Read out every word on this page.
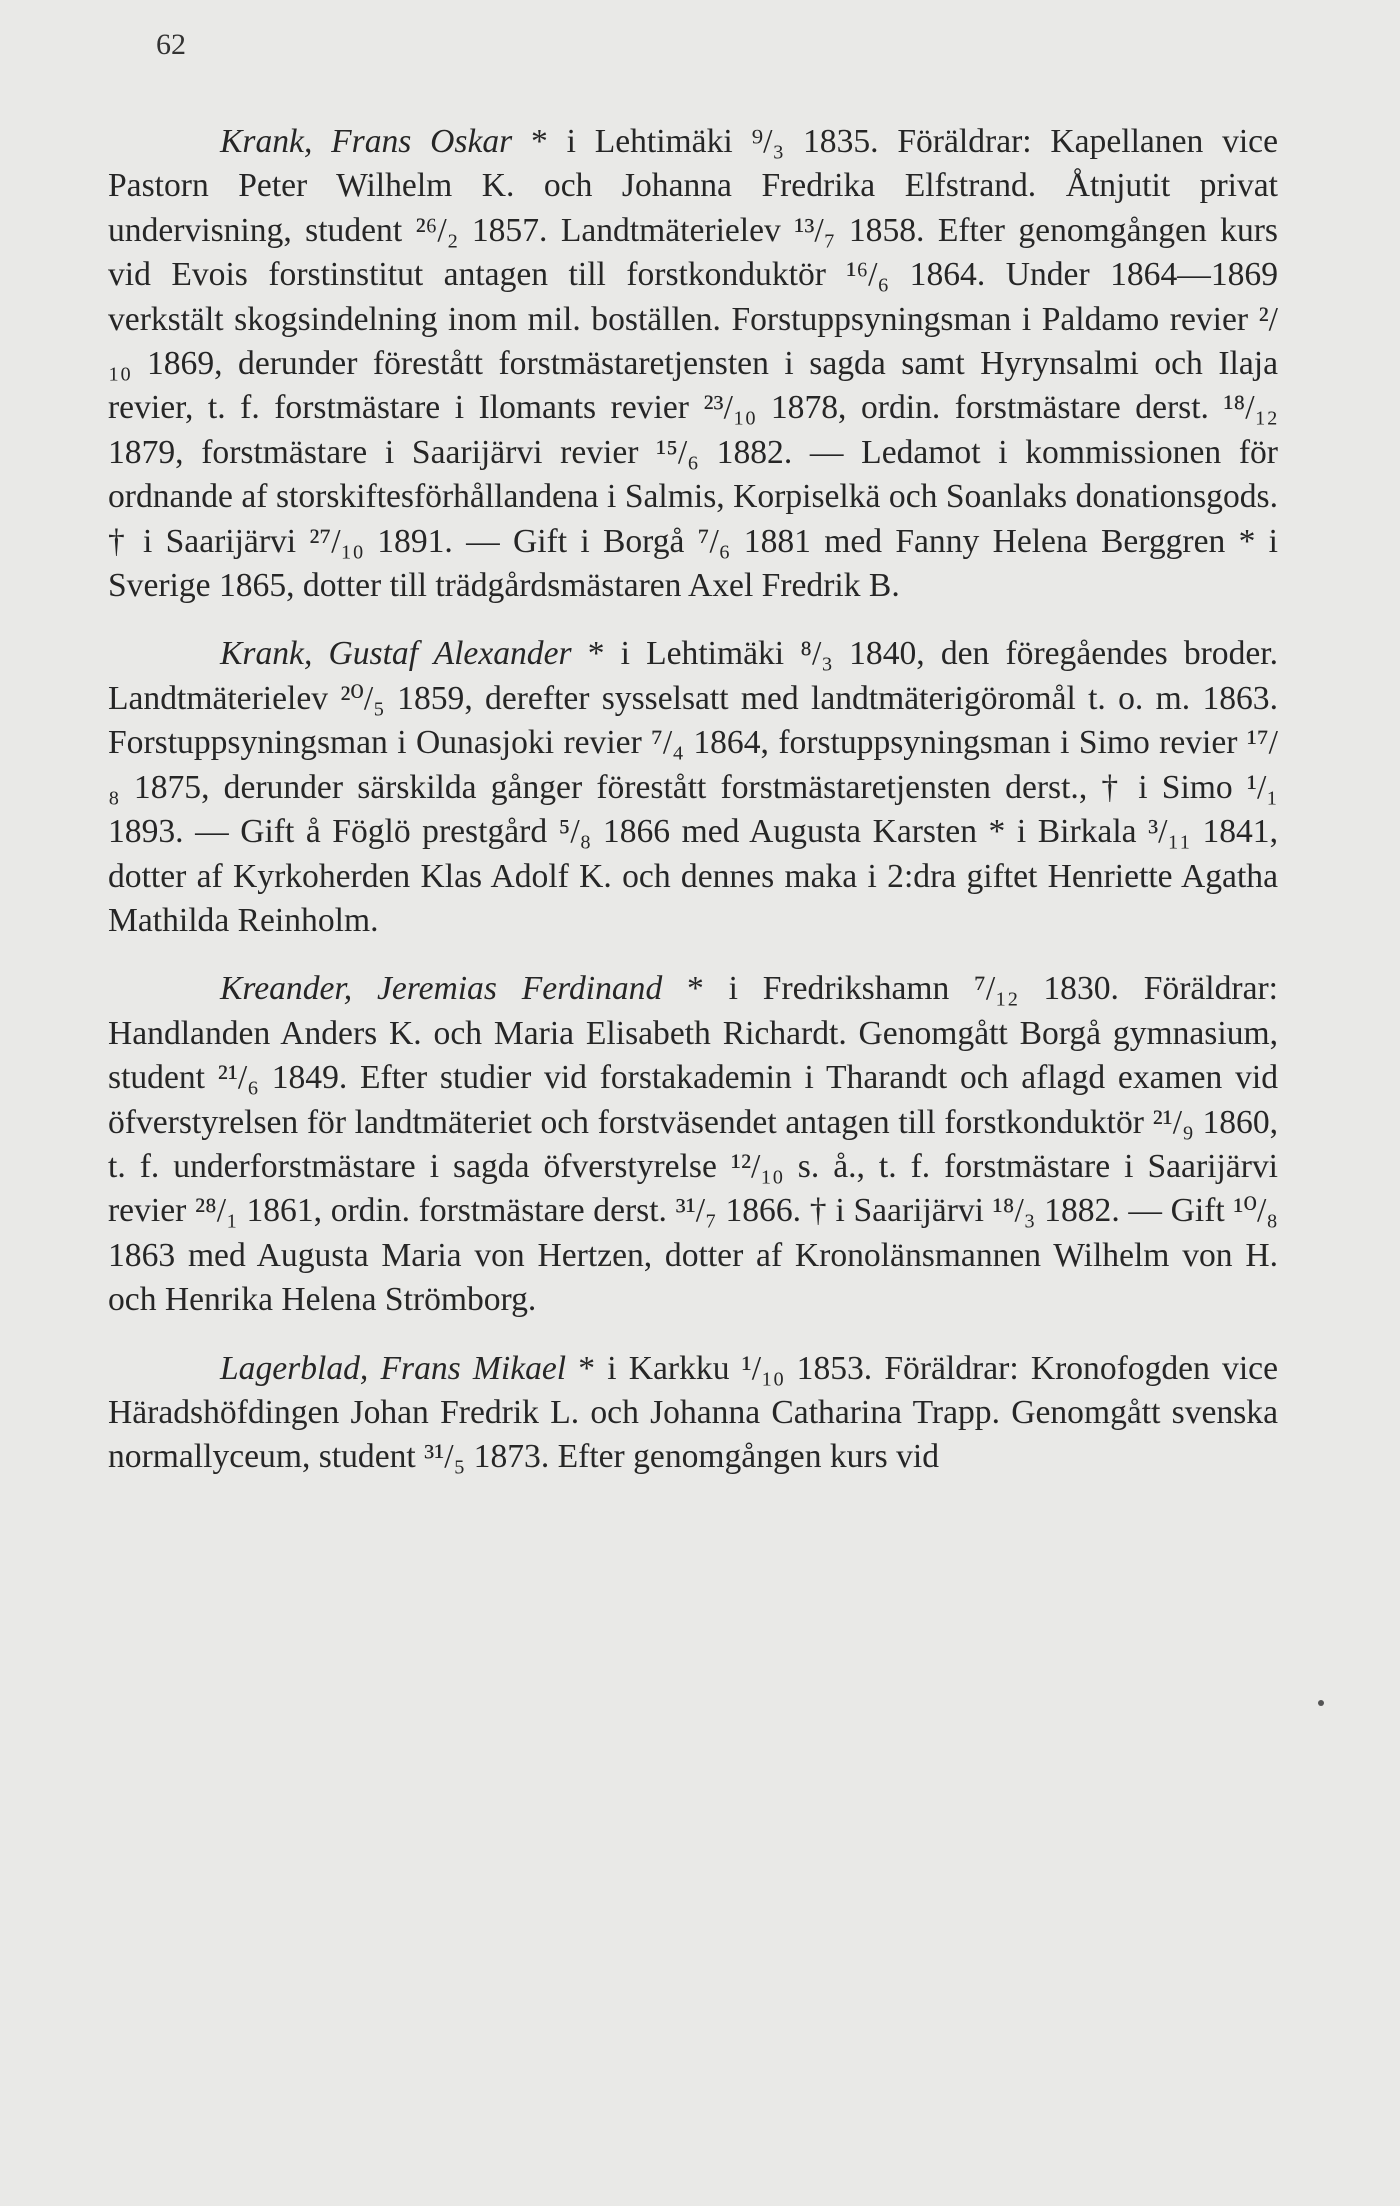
62

Krank, Frans Oskar * i Lehtimäki ⁹/₃ 1835. Föräldrar: Kapellanen vice Pastorn Peter Wilhelm K. och Johanna Fredrika Elfstrand. Åtnjutit privat undervisning, student ²⁶/₂ 1857. Landtmäterielev ¹³/₇ 1858. Efter genomgången kurs vid Evois forstinstitut antagen till forstkonduktör ¹⁶/₆ 1864. Under 1864—1869 verkstält skogsindelning inom mil. boställen. Forstuppsyningsman i Paldamo revier ²/₁₀ 1869, derunder förestått forstmästaretjensten i sagda samt Hyrynsalmi och Ilaja revier, t. f. forstmästare i Ilomants revier ²³/₁₀ 1878, ordin. forstmästare derst. ¹⁸/₁₂ 1879, forstmästare i Saarijärvi revier ¹⁵/₆ 1882. — Ledamot i kommissionen för ordnande af storskiftesförhållandena i Salmis, Korpiselkä och Soanlaks donationsgods. † i Saarijärvi ²⁷/₁₀ 1891. — Gift i Borgå ⁷/₆ 1881 med Fanny Helena Berggren * i Sverige 1865, dotter till trädgårdsmästaren Axel Fredrik B.

Krank, Gustaf Alexander * i Lehtimäki ⁸/₃ 1840, den föregåendes broder. Landtmäterielev ²⁰/₅ 1859, derefter sysselsatt med landtmäterigöromål t. o. m. 1863. Forstuppsyningsman i Ounasjoki revier ⁷/₄ 1864, forstuppsyningsman i Simo revier ¹⁷/₈ 1875, derunder särskilda gånger förestått forstmästaretjensten derst., † i Simo ¹/₁ 1893. — Gift å Föglö prestgård ⁵/₈ 1866 med Augusta Karsten * i Birkala ³/₁₁ 1841, dotter af Kyrkoherden Klas Adolf K. och dennes maka i 2:dra giftet Henriette Agatha Mathilda Reinholm.

Kreander, Jeremias Ferdinand * i Fredrikshamn ⁷/₁₂ 1830. Föräldrar: Handlanden Anders K. och Maria Elisabeth Richardt. Genomgått Borgå gymnasium, student ²¹/₆ 1849. Efter studier vid forstakademin i Tharandt och aflagd examen vid öfverstyrelsen för landtmäteriet och forstväsendet antagen till forstkonduktör ²¹/₉ 1860, t. f. underforstmästare i sagda öfverstyrelse ¹²/₁₀ s. å., t. f. forstmästare i Saarijärvi revier ²⁸/₁ 1861, ordin. forstmästare derst. ³¹/₇ 1866. † i Saarijärvi ¹⁸/₃ 1882. — Gift ¹⁰/₈ 1863 med Augusta Maria von Hertzen, dotter af Kronolänsmannen Wilhelm von H. och Henrika Helena Strömborg.

Lagerblad, Frans Mikael * i Karkku ¹/₁₀ 1853. Föräldrar: Kronofogden vice Häradshöfdingen Johan Fredrik L. och Johanna Catharina Trapp. Genomgått svenska normallyceum, student ³¹/₅ 1873. Efter genomgången kurs vid
